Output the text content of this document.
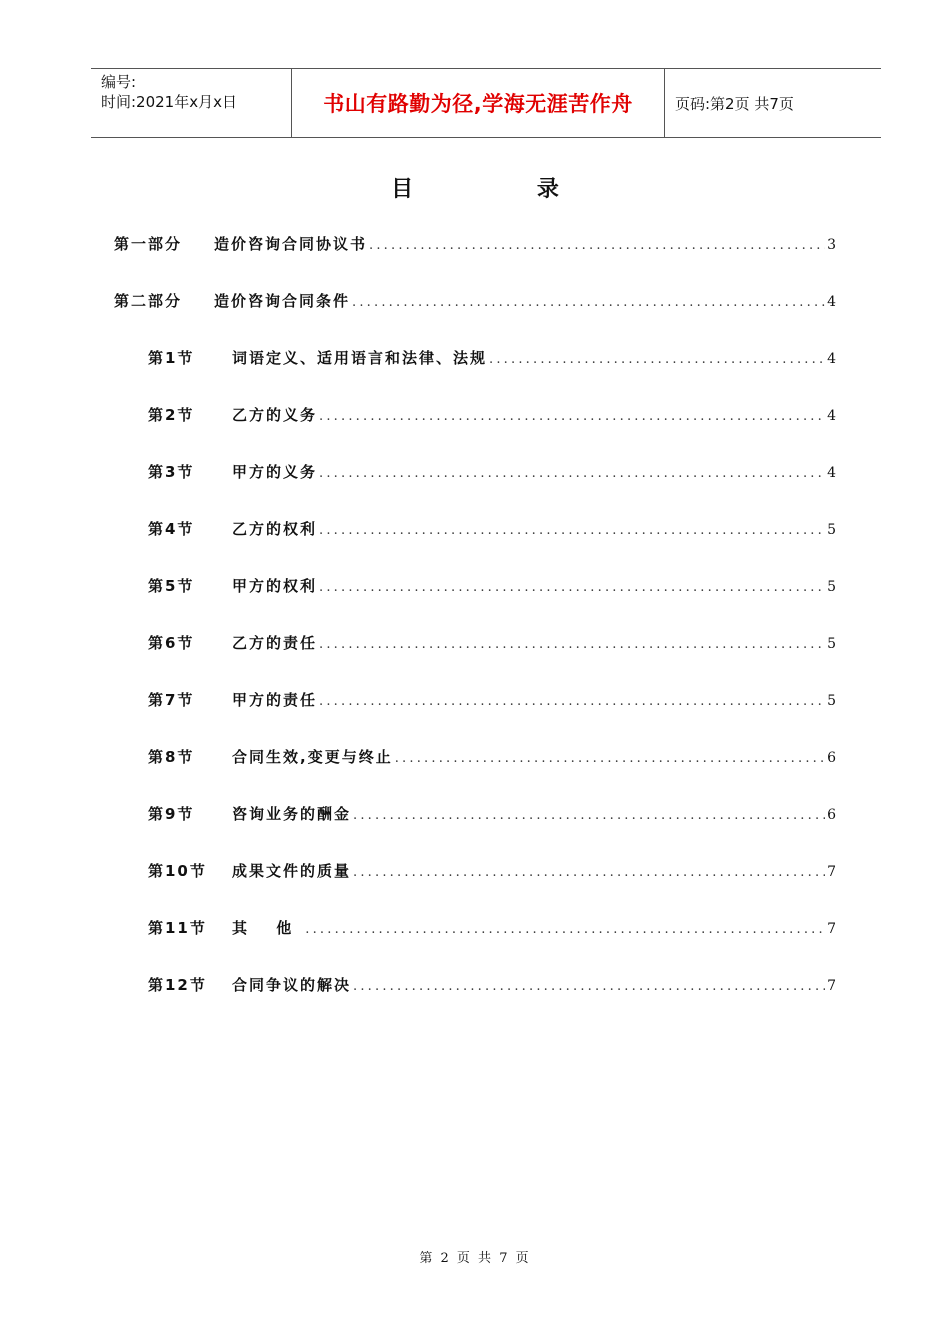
编号:
时间:2021年x月x日	书山有路勤为径,学海无涯苦作舟	页码:第2页 共7页
目 录
第一部分	造价咨询合同协议书 .....	3
第二部分	造价咨询合同条件 .....	4
第1节	词语定义、适用语言和法律、法规 .....	4
第2节	乙方的义务 .....	4
第3节	甲方的义务 .....	4
第4节	乙方的权利 .....	5
第5节	甲方的权利 .....	5
第6节	乙方的责任 .....	5
第7节	甲方的责任 .....	5
第8节	合同生效,变更与终止 .....	6
第9节	咨询业务的酬金 .....	6
第10节	成果文件的质量 .....	7
第11节	其 他 .....	7
第12节	合同争议的解决 .....	7
第 2 页 共 7 页
